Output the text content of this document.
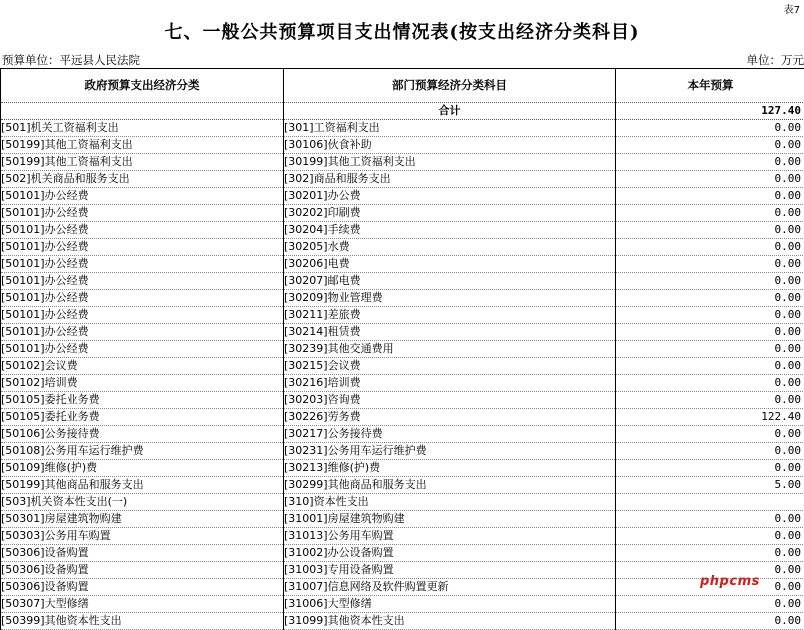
表7
七、一般公共预算项目支出情况表(按支出经济分类科目)
预算单位：平远县人民法院	单位：万元
政府预算支出经济分类	部门预算经济分类科目	本年预算
	合计	127.40
[501]机关工资福利支出	[301]工资福利支出	0.00
[50199]其他工资福利支出	[30106]伙食补助	0.00
[50199]其他工资福利支出	[30199]其他工资福利支出	0.00
[502]机关商品和服务支出	[302]商品和服务支出	0.00
[50101]办公经费	[30201]办公费	0.00
[50101]办公经费	[30202]印刷费	0.00
[50101]办公经费	[30204]手续费	0.00
[50101]办公经费	[30205]水费	0.00
[50101]办公经费	[30206]电费	0.00
[50101]办公经费	[30207]邮电费	0.00
[50101]办公经费	[30209]物业管理费	0.00
[50101]办公经费	[30211]差旅费	0.00
[50101]办公经费	[30214]租赁费	0.00
[50101]办公经费	[30239]其他交通费用	0.00
[50102]会议费	[30215]会议费	0.00
[50102]培训费	[30216]培训费	0.00
[50105]委托业务费	[30203]咨询费	0.00
[50105]委托业务费	[30226]劳务费	122.40
[50106]公务接待费	[30217]公务接待费	0.00
[50108]公务用车运行维护费	[30231]公务用车运行维护费	0.00
[50109]维修(护)费	[30213]维修(护)费	0.00
[50199]其他商品和服务支出	[30299]其他商品和服务支出	5.00
[503]机关资本性支出(一)	[310]资本性支出	
[50301]房屋建筑物购建	[31001]房屋建筑物购建	0.00
[50303]公务用车购置	[31013]公务用车购置	0.00
[50306]设备购置	[31002]办公设备购置	0.00
[50306]设备购置	[31003]专用设备购置	0.00
[50306]设备购置	[31007]信息网络及软件购置更新	0.00
[50307]大型修缮	[31006]大型修缮	0.00
[50399]其他资本性支出	[31099]其他资本性支出	0.00
phpcms
